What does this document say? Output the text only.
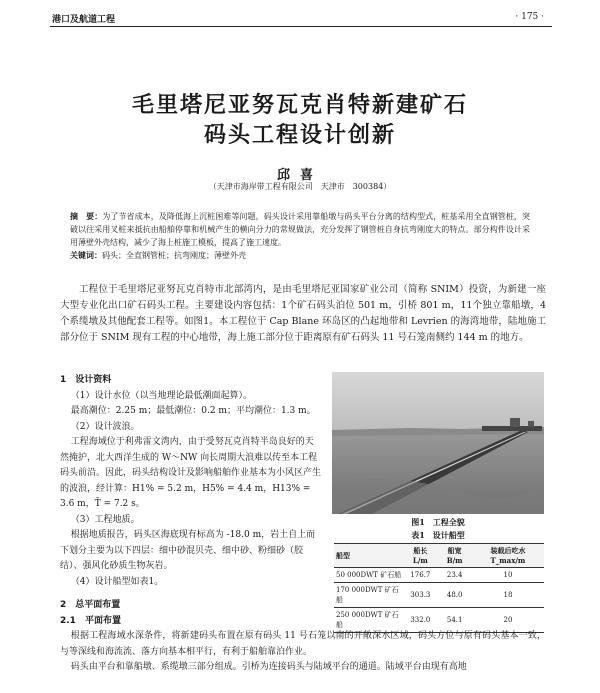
港口及航道工程	· 175 ·
毛里塔尼亚努瓦克肖特新建矿石
码头工程设计创新
邱喜
（天津市海岸带工程有限公司　天津市　300384）
摘　要：为了节省成本，及降低海上沉桩困难等问题，码头设计采用靠船墩与码头平台分离的结构型式，桩基采用全直钢管桩，突破以往采用叉桩来抵抗由船舶停靠和机械产生的横向分力的常规做法，充分发挥了钢管桩自身抗弯刚度大的特点。部分构件设计采用薄壁外壳结构，减少了海上桩施工模板，提高了施工速度。
关键词：码头；全直钢管桩；抗弯刚度；薄壁外壳
工程位于毛里塔尼亚努瓦克肖特市北部湾内，是由毛里塔尼亚国家矿业公司（简称 SNIM）投资，为新建一座大型专业化出口矿石码头工程。主要建设内容包括：1个矿石码头泊位 501 m，引桥 801 m，11个独立靠船墩，4个系缆墩及其他配套工程等。如图1。本工程位于 Cap Blane 环岛区的凸起地带和 Levrien 的海湾地带，陆地施工部分位于 SNIM 现有工程的中心地带，海上施工部分位于距离原有矿石码头 11 号石笼南侧约 144 m 的地方。
1　设计资料
（1）设计水位（以当地理论最低潮面起算）。
最高潮位：2.25 m；最低潮位：0.2 m；平均潮位：1.3 m。
（2）设计波浪。
工程海域位于利弗雷文湾内，由于受努瓦克肖特半岛良好的天然掩护，北大西洋生成的 W～NW 向长周期大浪难以传至本工程码头前沿。因此，码头结构设计及影响船舶作业基本为小风区产生的波浪，经计算：H1% = 5.2 m，H5% = 4.4 m，H13% = 3.6 m，T̄ = 7.2 s。
（3）工程地质。
根据地质报告，码头区海底现有标高为 -18.0 m，岩土自上而下划分主要为以下四层：细中砂混贝壳、细中砂、粉细砂（胶结）、强风化砂质生物灰岩。
（4）设计船型如表1。
图1　工程全貌
表1　设计船型
船型	船长 L/m	船宽 B/m	装载后吃水 T_max/m
50 000DWT 矿石船	176.7	23.4	10
170 000DWT 矿石船	303.3	48.0	18
250 000DWT 矿石船	332.0	54.1	20
2　总平面布置
2.1　平面布置
根据工程海域水深条件，将新建码头布置在原有码头 11 号石笼以南的开敞深水区域，码头方位与原有码头基本一致，与等深线和海流流、落方向基本相平行，有利于船舶靠泊作业。
码头由平台和靠船墩、系缆墩三部分组成。引桥为连接码头与陆域平台的通道。陆域平台由现有高地
